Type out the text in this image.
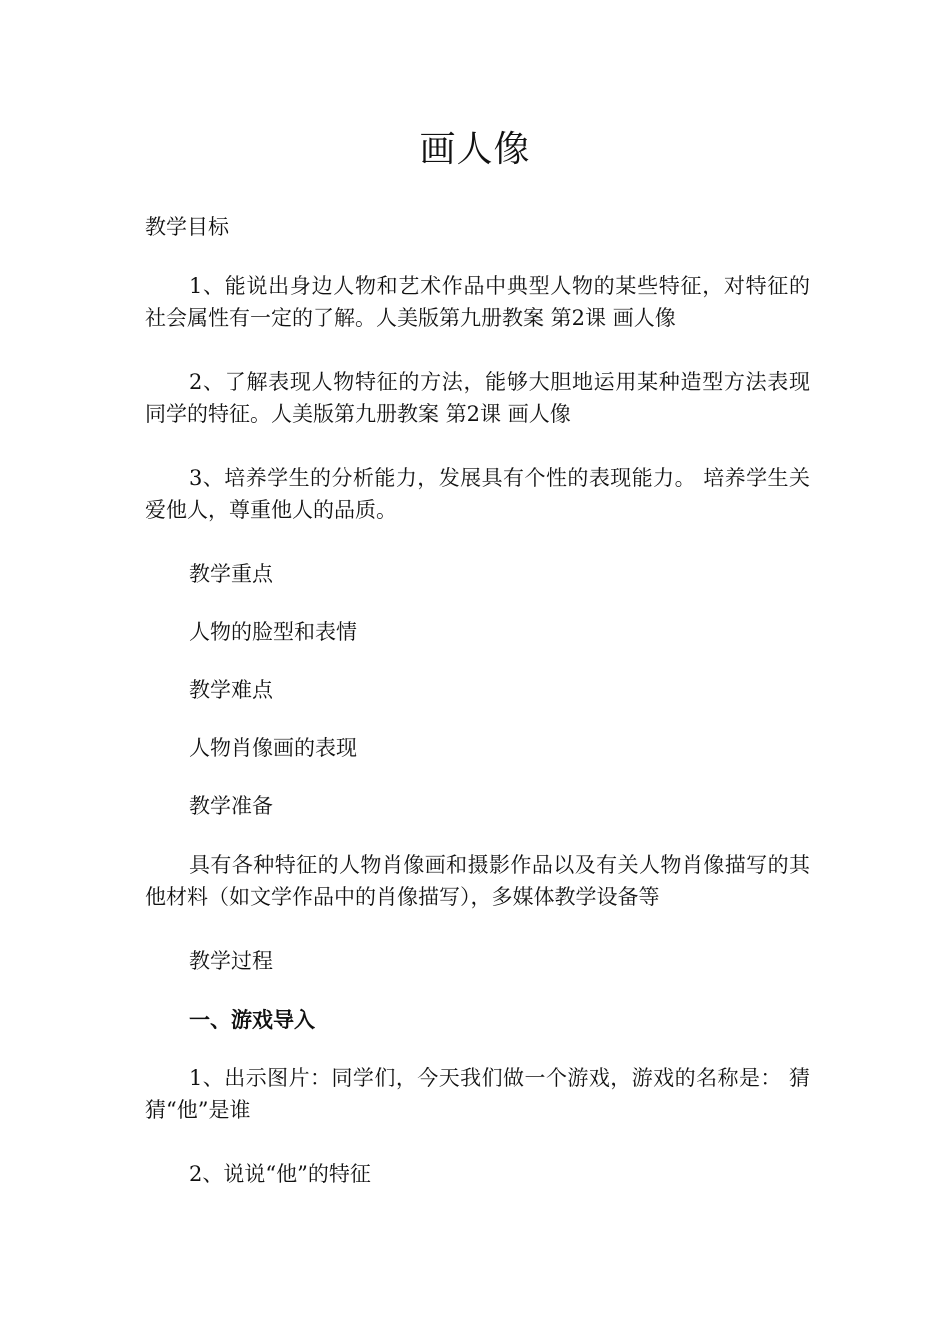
画人像

教学目标

1、能说出身边人物和艺术作品中典型人物的某些特征，对特征的社会属性有一定的了解。人美版第九册教案 第2课 画人像

2、了解表现人物特征的方法，能够大胆地运用某种造型方法表现同学的特征。人美版第九册教案 第2课 画人像

3、培养学生的分析能力，发展具有个性的表现能力。 培养学生关爱他人，尊重他人的品质。

教学重点

人物的脸型和表情

教学难点

人物肖像画的表现

教学准备

具有各种特征的人物肖像画和摄影作品以及有关人物肖像描写的其他材料（如文学作品中的肖像描写），多媒体教学设备等

教学过程

一、游戏导入

1、出示图片：同学们，今天我们做一个游戏，游戏的名称是： 猜猜“他”是谁

2、说说“他”的特征
